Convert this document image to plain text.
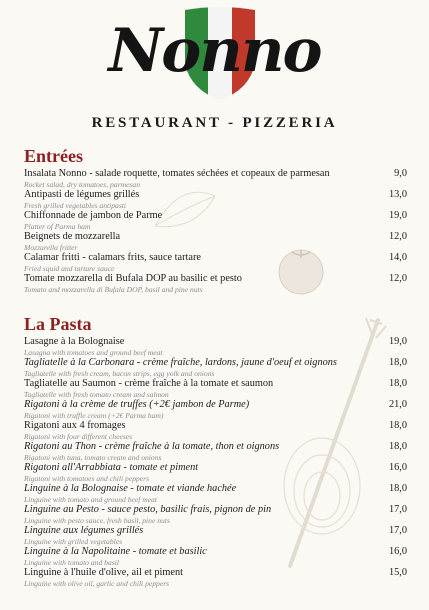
Nonno
RESTAURANT - PIZZERIA
Entrées
Insalata Nonno - salade roquette, tomates séchées et copeaux de parmesan	9,0
Rocket salad, dry tomatoes, parmesan
Antipasti de légumes grillés	13,0
Fresh grilled vegetables antipasti
Chiffonnade de jambon de Parme	19,0
Platter of Parma ham
Beignets de mozzarella	12,0
Mozzarella fritter
Calamar fritti - calamars frits, sauce tartare	14,0
Fried squid and tartare sauce
Tomate mozzarella di Bufala DOP au basilic et pesto	12,0
Tomato and mozzarella di Bufala DOP, basil and pine nuts
La Pasta
Lasagne à la Bolognaise	19,0
Lasagna with tomatoes and ground beef meat
Tagliatelle à la Carbonara - crème fraîche, lardons, jaune d'oeuf et oignons	18,0
Tagliatelle with fresh cream, bacon strips, egg yolk and onions
Tagliatelle au Saumon - crème fraîche à la tomate et saumon	18,0
Tagliatelle with fresh tomato cream and salmon
Rigatoni à la crème de truffes (+2€ jambon de Parme)	21,0
Rigatoni with truffle cream (+2€ Parma ham)
Rigatoni aux 4 fromages	18,0
Rigatoni with four different cheeses
Rigatoni au Thon - crème fraîche à la tomate, thon et oignons	18,0
Rigatoni with tuna, tomato cream and onions
Rigatoni all'Arrabbiata - tomate et piment	16,0
Rigatoni with tomatoes and chili peppers
Linguine à la Bolognaise - tomate et viande hachée	18,0
Linguine with tomato and ground beef meat
Linguine au Pesto - sauce pesto, basilic frais, pignon de pin	17,0
Linguine with pesto sauce, fresh basil, pine nuts
Linguine aux légumes grillés	17,0
Linguine with grilled vegetables
Linguine à la Napolitaine - tomate et basilic	16,0
Linguine with tomato and basil
Linguine à l'huile d'olive, ail et piment	15,0
Linguine with olive oil, garlic and chili peppers
